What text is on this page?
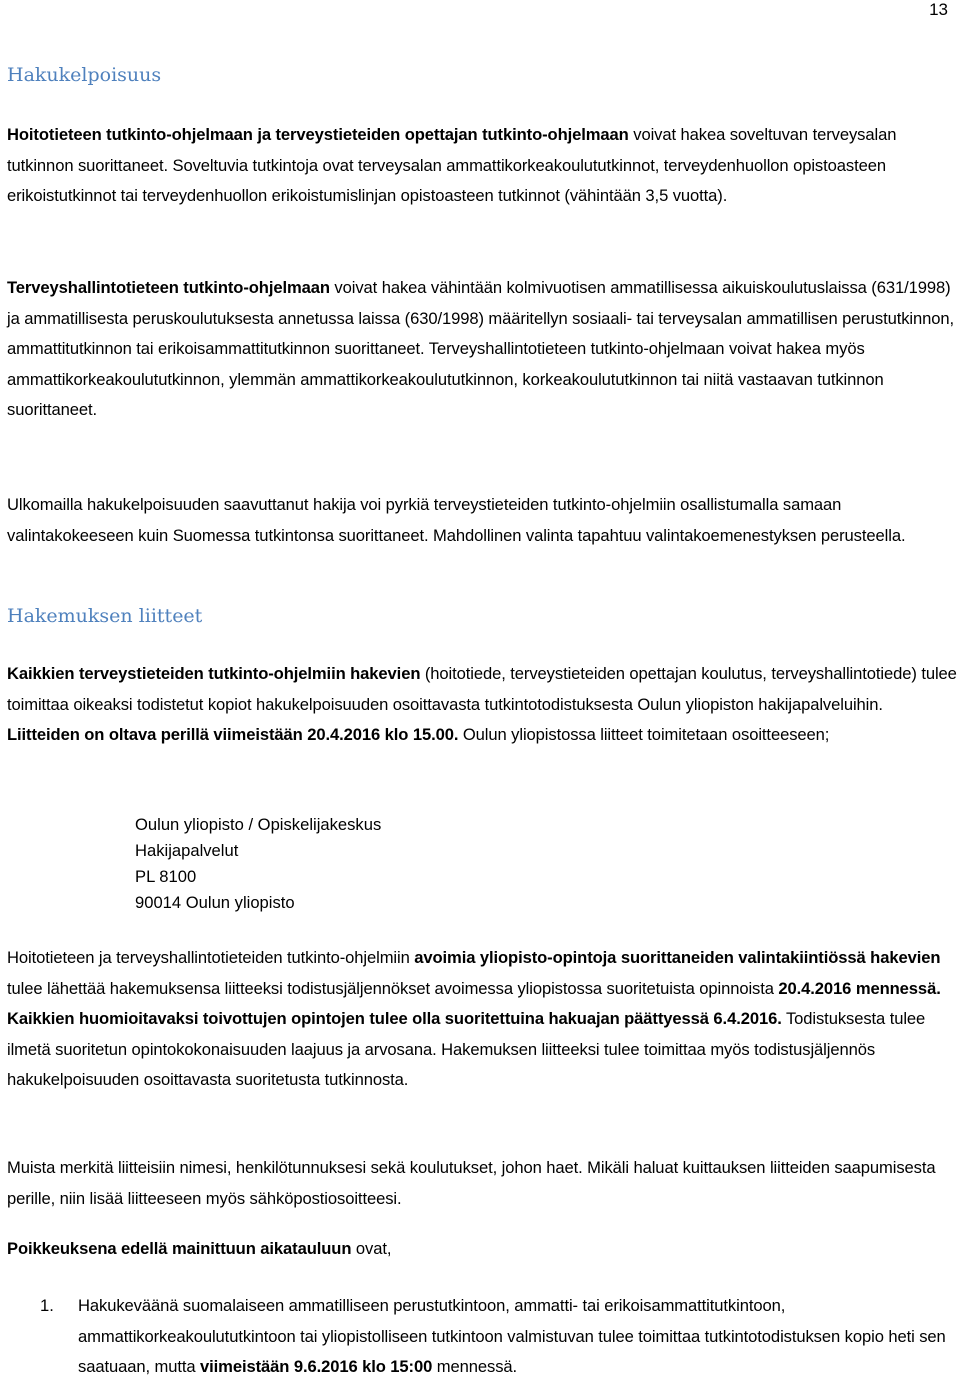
13
Hakukelpoisuus

Hoitotieteen tutkinto-ohjelmaan ja terveystieteiden opettajan tutkinto-ohjelmaan voivat hakea soveltuvan terveysalan tutkinnon suorittaneet. Soveltuvia tutkintoja ovat terveysalan ammattikorkeakoulututkinnot, terveydenhuollon opistoasteen erikoistutkinnot tai terveydenhuollon erikoistumislinjan opistoasteen tutkinnot (vähintään 3,5 vuotta).

Terveyshallintotieteen tutkinto-ohjelmaan voivat hakea vähintään kolmivuotisen ammatillisessa aikuiskoulutuslaissa (631/1998) ja ammatillisesta peruskoulutuksesta annetussa laissa (630/1998) määritellyn sosiaali- tai terveysalan ammatillisen perustutkinnon, ammattitutkinnon tai erikoisammattitutkinnon suorittaneet. Terveyshallintotieteen tutkinto-ohjelmaan voivat hakea myös ammattikorkeakoulututkinnon, ylemmän ammattikorkeakoulututkinnon, korkeakoulututkinnon tai niitä vastaavan tutkinnon suorittaneet.

Ulkomailla hakukelpoisuuden saavuttanut hakija voi pyrkiä terveystieteiden tutkinto-ohjelmiin osallistumalla samaan valintakokeeseen kuin Suomessa tutkintonsa suorittaneet. Mahdollinen valinta tapahtuu valintakoemenestyksen perusteella.

Hakemuksen liitteet

Kaikkien terveystieteiden tutkinto-ohjelmiin hakevien (hoitotiede, terveystieteiden opettajan koulutus, terveyshallintotiede) tulee toimittaa oikeaksi todistetut kopiot hakukelpoisuuden osoittavasta tutkintotodistuksesta Oulun yliopiston hakijapalveluihin. Liitteiden on oltava perillä viimeistään 20.4.2016 klo 15.00. Oulun yliopistossa liitteet toimitetaan osoitteeseen;

Oulun yliopisto / Opiskelijakeskus
Hakijapalvelut
PL 8100
90014 Oulun yliopisto

Hoitotieteen ja terveyshallintotieteiden tutkinto-ohjelmiin avoimia yliopisto-opintoja suorittaneiden valintakiintiössä hakevien tulee lähettää hakemuksensa liitteeksi todistusjäljennökset avoimessa yliopistossa suoritetuista opinnoista 20.4.2016 mennessä. Kaikkien huomioitavaksi toivottujen opintojen tulee olla suoritettuina hakuajan päättyessä 6.4.2016. Todistuksesta tulee ilmetä suoritetun opintokokonaisuuden laajuus ja arvosana. Hakemuksen liitteeksi tulee toimittaa myös todistusjäljennös hakukelpoisuuden osoittavasta suoritetusta tutkinnosta.

Muista merkitä liitteisiin nimesi, henkilötunnuksesi sekä koulutukset, johon haet. Mikäli haluat kuittauksen liitteiden saapumisesta perille, niin lisää liitteeseen myös sähköpostiosoitteesi.

Poikkeuksena edellä mainittuun aikatauluun ovat,

1. Hakukeväänä suomalaiseen ammatilliseen perustutkintoon, ammatti- tai erikoisammattitutkintoon, ammattikorkeakoulututkintoon tai yliopistolliseen tutkintoon valmistuvan tulee toimittaa tutkintotodistuksen kopio heti sen saatuaan, mutta viimeistään 9.6.2016 klo 15:00 mennessä.
